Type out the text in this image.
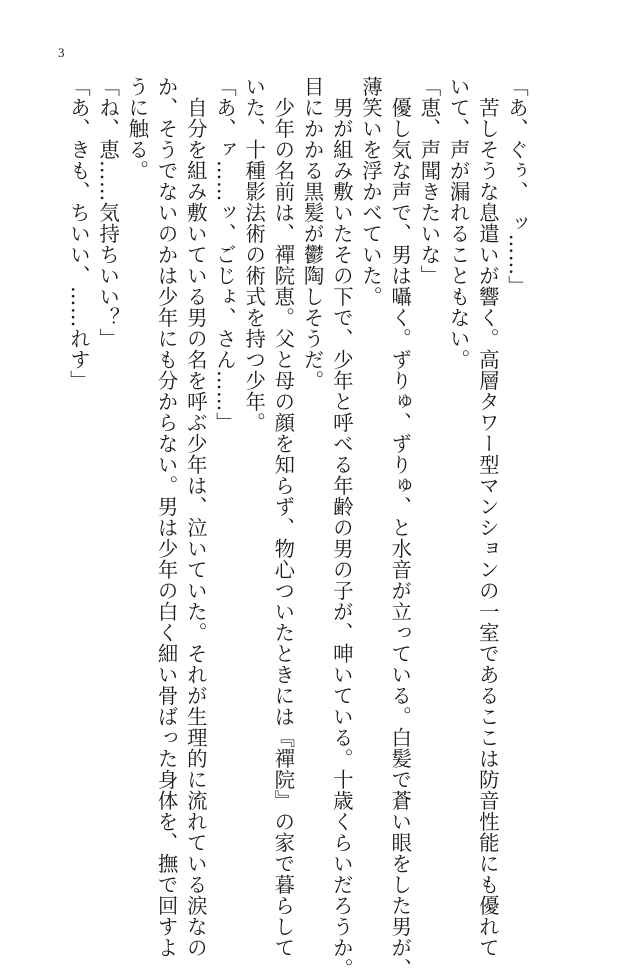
3
「あ、ぐぅ、　ッ……」
　苦しそうな息遣いが響く。高層タワー型マンションの一室であるここは防音性能にも優れて
いて、声が漏れることもない。
「恵、声聞きたいな」
　優し気な声で、男は囁く。ずりゅ、ずりゅ、と水音が立っている。白髪で蒼い眼をした男が、
薄笑いを浮かべていた。
　男が組み敷いたその下で、少年と呼べる年齢の男の子が、呻いている。十歳くらいだろうか。
目にかかる黒髪が鬱陶しそうだ。
　少年の名前は、禪院恵。父と母の顔を知らず、物心ついたときには『禪院』の家で暮らして
いた、十種影法術の術式を持つ少年。
「あ、ァ……ッ、ごじょ、さん……」
　自分を組み敷いている男の名を呼ぶ少年は、泣いていた。それが生理的に流れている涙なの
か、そうでないのかは少年にも分からない。男は少年の白く細い骨ばった身体を、撫で回すよ
うに触る。
「ね、恵……気持ちいい？」
「あ、きも、ちいい、……れす」
